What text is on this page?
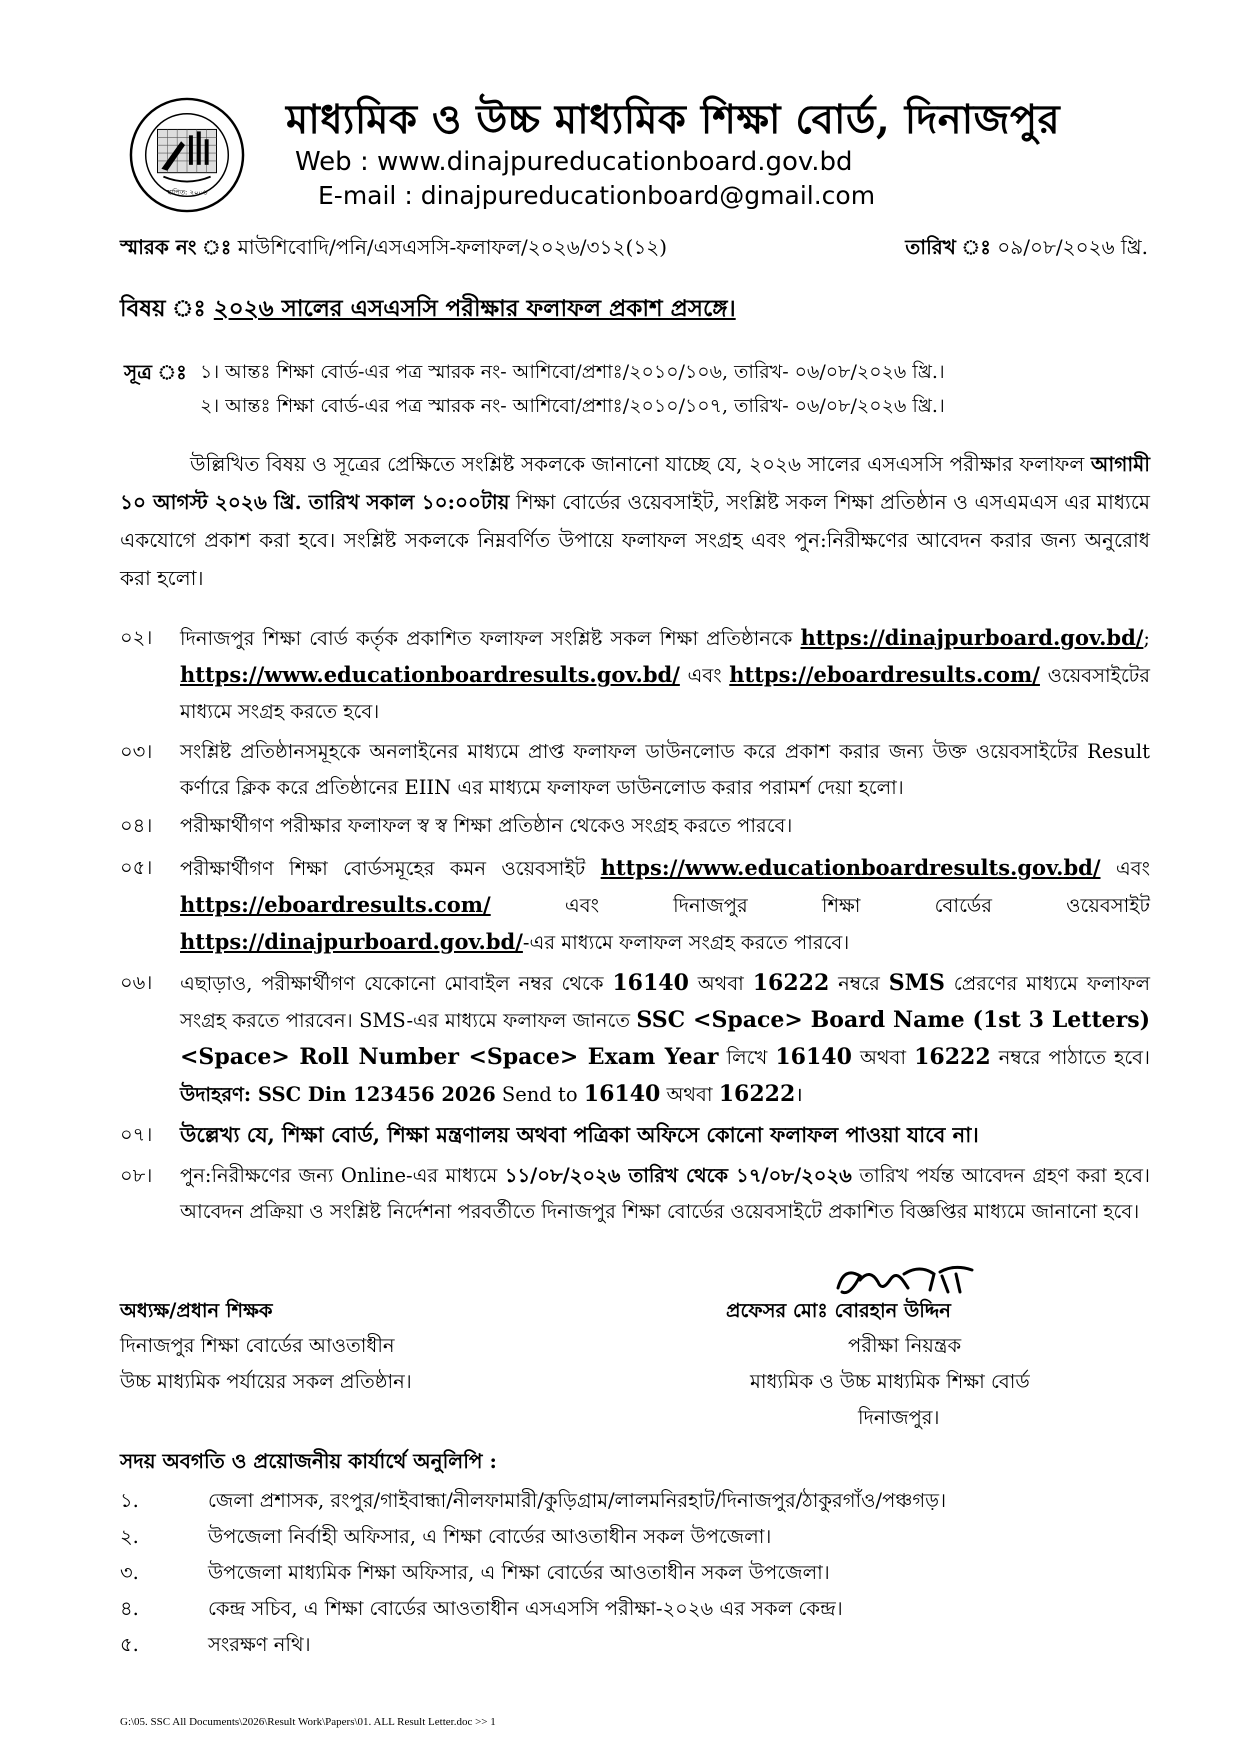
স্থাপিত: ২০০৬
মাধ্যমিক ও উচ্চ মাধ্যমিক শিক্ষা বোর্ড, দিনাজপুর
Web : www.dinajpureducationboard.gov.bd
E-mail : dinajpureducationboard@gmail.com
স্মারক নং ঃ মাউশিবোদি/পনি/এসএসসি-ফলাফল/২০২৬/৩১২(১২)	তারিখ ঃ ০৯/০৮/২০২৬ খ্রি.
বিষয় ঃ ২০২৬ সালের এসএসসি পরীক্ষার ফলাফল প্রকাশ প্রসঙ্গে।
সূত্র ঃ ১। আন্তঃ শিক্ষা বোর্ড-এর পত্র স্মারক নং- আশিবো/প্রশাঃ/২০১০/১০৬, তারিখ- ০৬/০৮/২০২৬ খ্রি.।
২। আন্তঃ শিক্ষা বোর্ড-এর পত্র স্মারক নং- আশিবো/প্রশাঃ/২০১০/১০৭, তারিখ- ০৬/০৮/২০২৬ খ্রি.।
উল্লিখিত বিষয় ও সূত্রের প্রেক্ষিতে সংশ্লিষ্ট সকলকে জানানো যাচ্ছে যে, ২০২৬ সালের এসএসসি পরীক্ষার ফলাফল আগামী ১০ আগস্ট ২০২৬ খ্রি. তারিখ সকাল ১০:০০টায় শিক্ষা বোর্ডের ওয়েবসাইট, সংশ্লিষ্ট সকল শিক্ষা প্রতিষ্ঠান ও এসএমএস এর মাধ্যমে একযোগে প্রকাশ করা হবে। সংশ্লিষ্ট সকলকে নিম্নবর্ণিত উপায়ে ফলাফল সংগ্রহ এবং পুন:নিরীক্ষণের আবেদন করার জন্য অনুরোধ করা হলো।
০২।	দিনাজপুর শিক্ষা বোর্ড কর্তৃক প্রকাশিত ফলাফল সংশ্লিষ্ট সকল শিক্ষা প্রতিষ্ঠানকে https://dinajpurboard.gov.bd/; https://www.educationboardresults.gov.bd/ এবং https://eboardresults.com/ ওয়েবসাইটের মাধ্যমে সংগ্রহ করতে হবে।
০৩।	সংশ্লিষ্ট প্রতিষ্ঠানসমূহকে অনলাইনের মাধ্যমে প্রাপ্ত ফলাফল ডাউনলোড করে প্রকাশ করার জন্য উক্ত ওয়েবসাইটের Result কর্ণারে ক্লিক করে প্রতিষ্ঠানের EIIN এর মাধ্যমে ফলাফল ডাউনলোড করার পরামর্শ দেয়া হলো।
০৪।	পরীক্ষার্থীগণ পরীক্ষার ফলাফল স্ব স্ব শিক্ষা প্রতিষ্ঠান থেকেও সংগ্রহ করতে পারবে।
০৫।	পরীক্ষার্থীগণ শিক্ষা বোর্ডসমূহের কমন ওয়েবসাইট https://www.educationboardresults.gov.bd/ এবং https://eboardresults.com/	এবং দিনাজপুর শিক্ষা বোর্ডের ওয়েবসাইট https://dinajpurboard.gov.bd/-এর মাধ্যমে ফলাফল সংগ্রহ করতে পারবে।
০৬।	এছাড়াও, পরীক্ষার্থীগণ যেকোনো মোবাইল নম্বর থেকে 16140 অথবা 16222 নম্বরে SMS প্রেরণের মাধ্যমে ফলাফল সংগ্রহ করতে পারবেন। SMS-এর মাধ্যমে ফলাফল জানতে SSC <Space> Board Name (1st 3 Letters) <Space> Roll Number <Space> Exam Year লিখে 16140 অথবা 16222 নম্বরে পাঠাতে হবে। উদাহরণ: SSC Din 123456 2026 Send to 16140 অথবা 16222।
০৭।	উল্লেখ্য যে, শিক্ষা বোর্ড, শিক্ষা মন্ত্রণালয় অথবা পত্রিকা অফিসে কোনো ফলাফল পাওয়া যাবে না।
০৮।	পুন:নিরীক্ষণের জন্য Online-এর মাধ্যমে ১১/০৮/২০২৬ তারিখ থেকে ১৭/০৮/২০২৬ তারিখ পর্যন্ত আবেদন গ্রহণ করা হবে। আবেদন প্রক্রিয়া ও সংশ্লিষ্ট নির্দেশনা পরবর্তীতে দিনাজপুর শিক্ষা বোর্ডের ওয়েবসাইটে প্রকাশিত বিজ্ঞপ্তির মাধ্যমে জানানো হবে।
বোরহান
অধ্যক্ষ/প্রধান শিক্ষক
দিনাজপুর শিক্ষা বোর্ডের আওতাধীন
উচ্চ মাধ্যমিক পর্যায়ের সকল প্রতিষ্ঠান।
প্রফেসর মোঃ বোরহান উদ্দিন
পরীক্ষা নিয়ন্ত্রক
মাধ্যমিক ও উচ্চ মাধ্যমিক শিক্ষা বোর্ড
দিনাজপুর।
সদয় অবগতি ও প্রয়োজনীয় কার্যার্থে অনুলিপি :
১.	জেলা প্রশাসক, রংপুর/গাইবান্ধা/নীলফামারী/কুড়িগ্রাম/লালমনিরহাট/দিনাজপুর/ঠাকুরগাঁও/পঞ্চগড়।
২.	উপজেলা নির্বাহী অফিসার, এ শিক্ষা বোর্ডের আওতাধীন সকল উপজেলা।
৩.	উপজেলা মাধ্যমিক শিক্ষা অফিসার, এ শিক্ষা বোর্ডের আওতাধীন সকল উপজেলা।
৪.	কেন্দ্র সচিব, এ শিক্ষা বোর্ডের আওতাধীন এসএসসি পরীক্ষা-২০২৬ এর সকল কেন্দ্র।
৫.	সংরক্ষণ নথি।
G:\05. SSC All Documents\2026\Result Work\Papers\01. ALL Result Letter.doc >> 1
